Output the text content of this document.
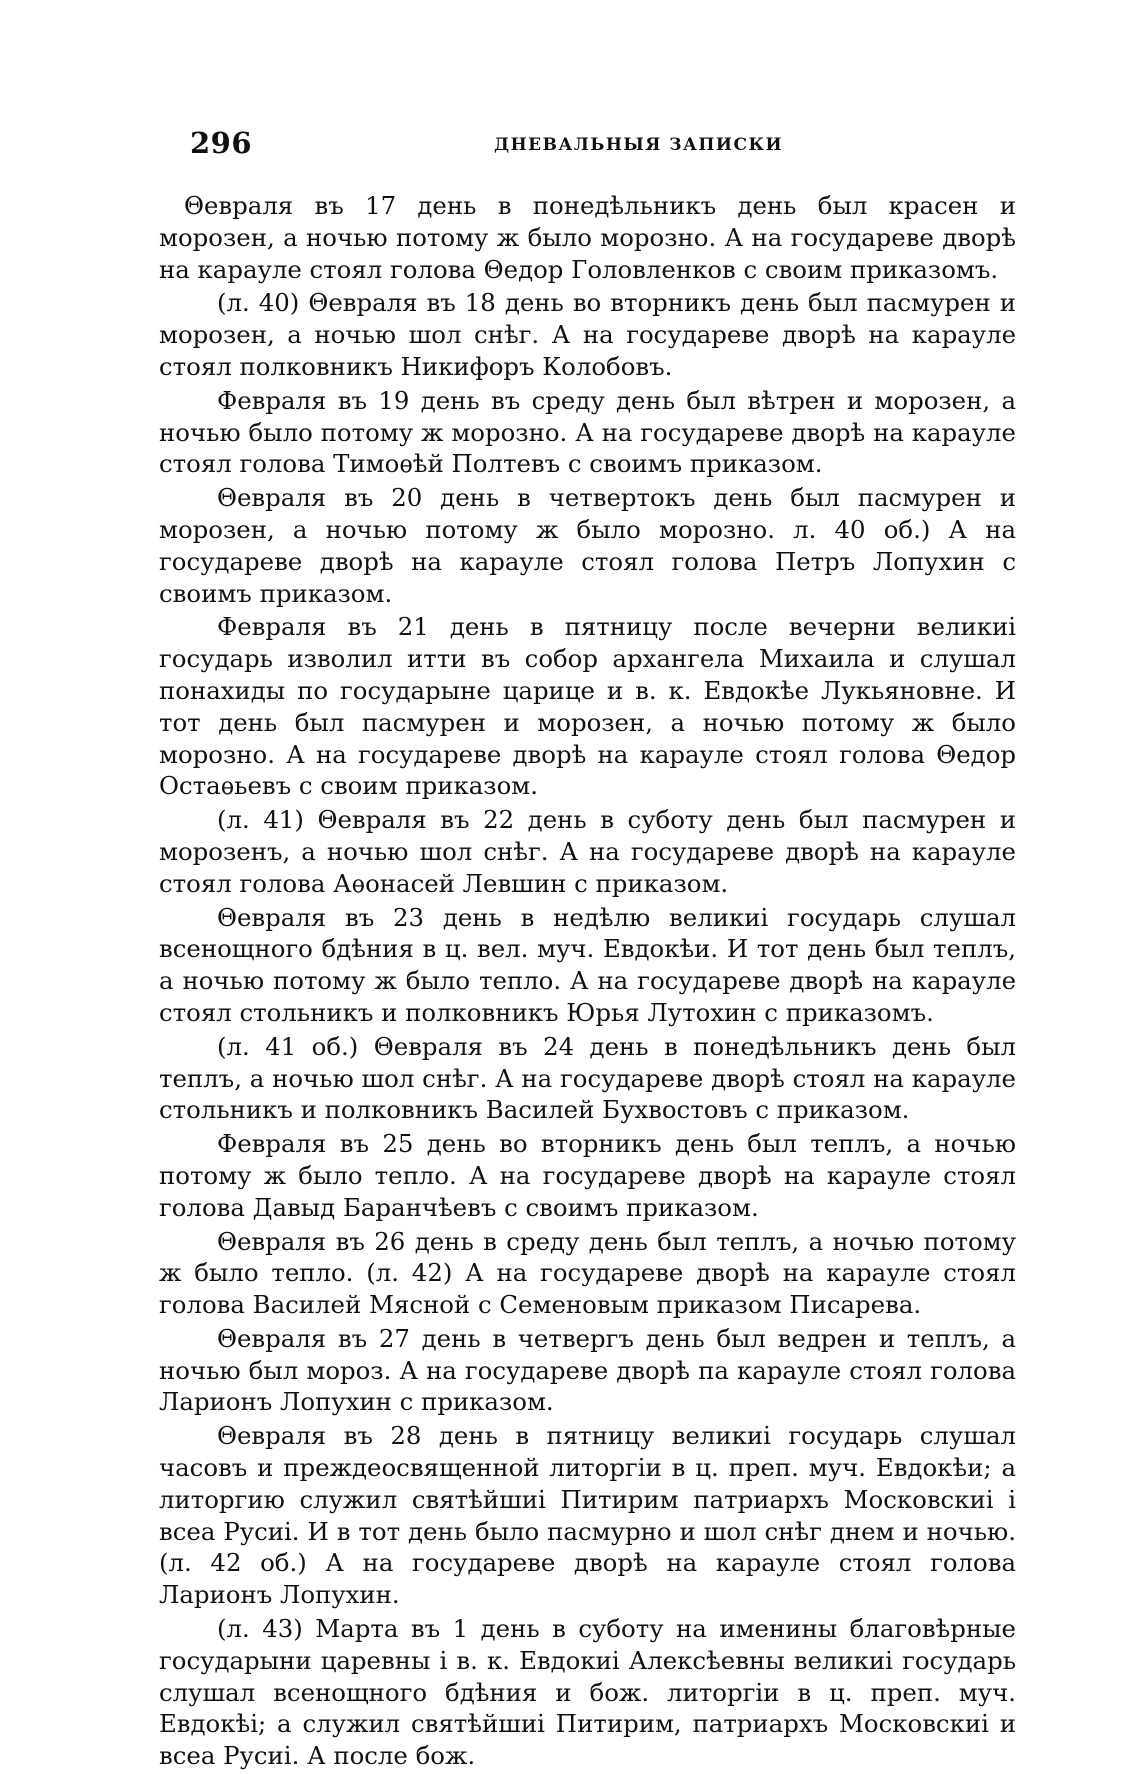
296	ДНЕВАЛЬНЫЯ ЗАПИСКИ

Θевраля въ 17 день в понедѣльникъ день был красен и морозен, а ночью потому ж было морозно. А на государеве дворѣ на карауле стоял голова Θедор Головленков с своим приказомъ.

(л. 40) Θевраля въ 18 день во вторникъ день был пасмурен и морозен, а ночью шол снѣг. А на государеве дворѣ на карауле стоял полковникъ Никифоръ Колобовъ.

Февраля въ 19 день въ среду день был вѣтрен и морозен, а ночью было потому ж морозно. А на государеве дворѣ на карауле стоял голова Тимоѳѣй Полтевъ с своимъ приказом.

Θевраля въ 20 день в четвертокъ день был пасмурен и морозен, а ночью потому ж было морозно. л. 40 об.) А на государеве дворѣ на карауле стоял голова Петръ Лопухин с своимъ приказом.

Февраля въ 21 день в пятницу после вечерни великиі государь изволил итти въ собор архангела Михаила и слушал понахиды по государыне царице и в. к. Евдокѣе Лукьяновне. И тот день был пасмурен и морозен, а ночью потому ж было морозно. А на государеве дворѣ на карауле стоял голова Θедор Остаѳьевъ с своим приказом.

(л. 41) Θевраля въ 22 день в суботу день был пасмурен и морозенъ, а ночью шол снѣг. А на государеве дворѣ на карауле стоял голова Аѳонасей Левшин с приказом.

Θевраля въ 23 день в недѣлю великиі государь слушал всенощного бдѣния в ц. вел. муч. Евдокѣи. И тот день был теплъ, а ночью потому ж было тепло. А на государеве дворѣ на карауле стоял стольникъ и полковникъ Юрья Лутохин с приказомъ.

(л. 41 об.) Θевраля въ 24 день в понедѣльникъ день был теплъ, а ночью шол снѣг. А на государеве дворѣ стоял на карауле стольникъ и полковникъ Василей Бухвостовъ с приказом.

Февраля въ 25 день во вторникъ день был теплъ, а ночью потому ж было тепло. А на государеве дворѣ на карауле стоял голова Давыд Баранчѣевъ с своимъ приказом.

Θевраля въ 26 день в среду день был теплъ, а ночью потому ж было тепло. (л. 42) А на государеве дворѣ на карауле стоял голова Василей Мясной с Семеновым приказом Писарева.

Θевраля въ 27 день в четвергъ день был ведрен и теплъ, а ночью был мороз. А на государеве дворѣ па карауле стоял голова Ларионъ Лопухин с приказом.

Θевраля въ 28 день в пятницу великиі государь слушал часовъ и преждеосвященной литоргіи в ц. преп. муч. Евдокѣи; а литоргию служил святѣйшиі Питирим патриархъ Московскиі і всеа Русиі. И в тот день было пасмурно и шол снѣг днем и ночью. (л. 42 об.) А на государеве дворѣ на карауле стоял голова Ларионъ Лопухин.

(л. 43) Марта въ 1 день в суботу на именины благовѣрные государыни царевны і в. к. Евдокиі Алексѣевны великиі государь слушал всенощного бдѣния и бож. литоргіи в ц. преп. муч. Евдокѣі; а служил святѣйшиі Питирим, патриархъ Московскиі и всеа Русиі. А после бож.
